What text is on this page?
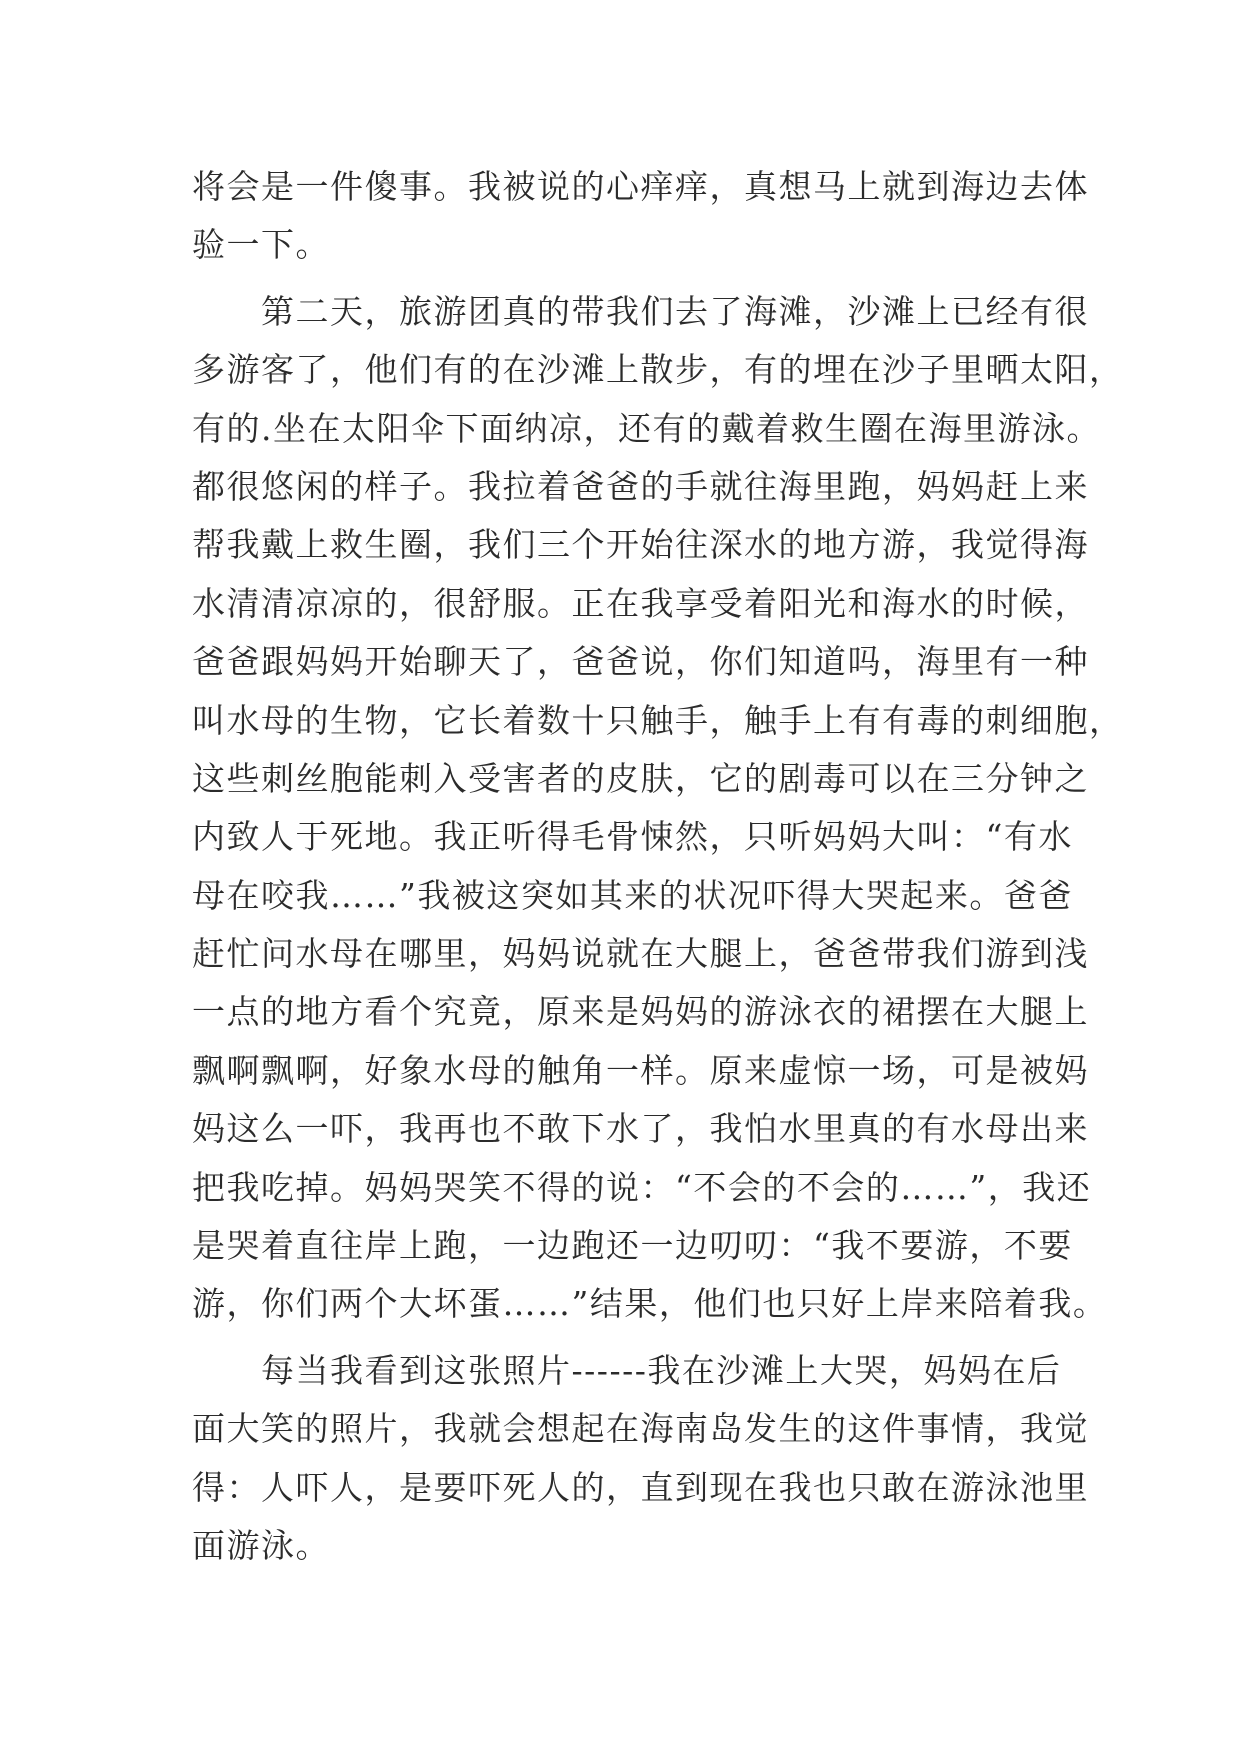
将会是一件傻事。我被说的心痒痒，真想马上就到海边去体
验一下。
　　第二天，旅游团真的带我们去了海滩，沙滩上已经有很
多游客了，他们有的在沙滩上散步，有的埋在沙子里晒太阳，
有的.坐在太阳伞下面纳凉，还有的戴着救生圈在海里游泳。
都很悠闲的样子。我拉着爸爸的手就往海里跑，妈妈赶上来
帮我戴上救生圈，我们三个开始往深水的地方游，我觉得海
水清清凉凉的，很舒服。正在我享受着阳光和海水的时候，
爸爸跟妈妈开始聊天了，爸爸说，你们知道吗，海里有一种
叫水母的生物，它长着数十只触手，触手上有有毒的刺细胞，
这些刺丝胞能刺入受害者的皮肤，它的剧毒可以在三分钟之
内致人于死地。我正听得毛骨悚然，只听妈妈大叫：“有水
母在咬我……”我被这突如其来的状况吓得大哭起来。爸爸
赶忙问水母在哪里，妈妈说就在大腿上，爸爸带我们游到浅
一点的地方看个究竟，原来是妈妈的游泳衣的裙摆在大腿上
飘啊飘啊，好象水母的触角一样。原来虚惊一场，可是被妈
妈这么一吓，我再也不敢下水了，我怕水里真的有水母出来
把我吃掉。妈妈哭笑不得的说：“不会的不会的……”，我还
是哭着直往岸上跑，一边跑还一边叨叨：“我不要游，不要
游，你们两个大坏蛋……”结果，他们也只好上岸来陪着我。
　　每当我看到这张照片------我在沙滩上大哭，妈妈在后
面大笑的照片，我就会想起在海南岛发生的这件事情，我觉
得：人吓人，是要吓死人的，直到现在我也只敢在游泳池里
面游泳。
